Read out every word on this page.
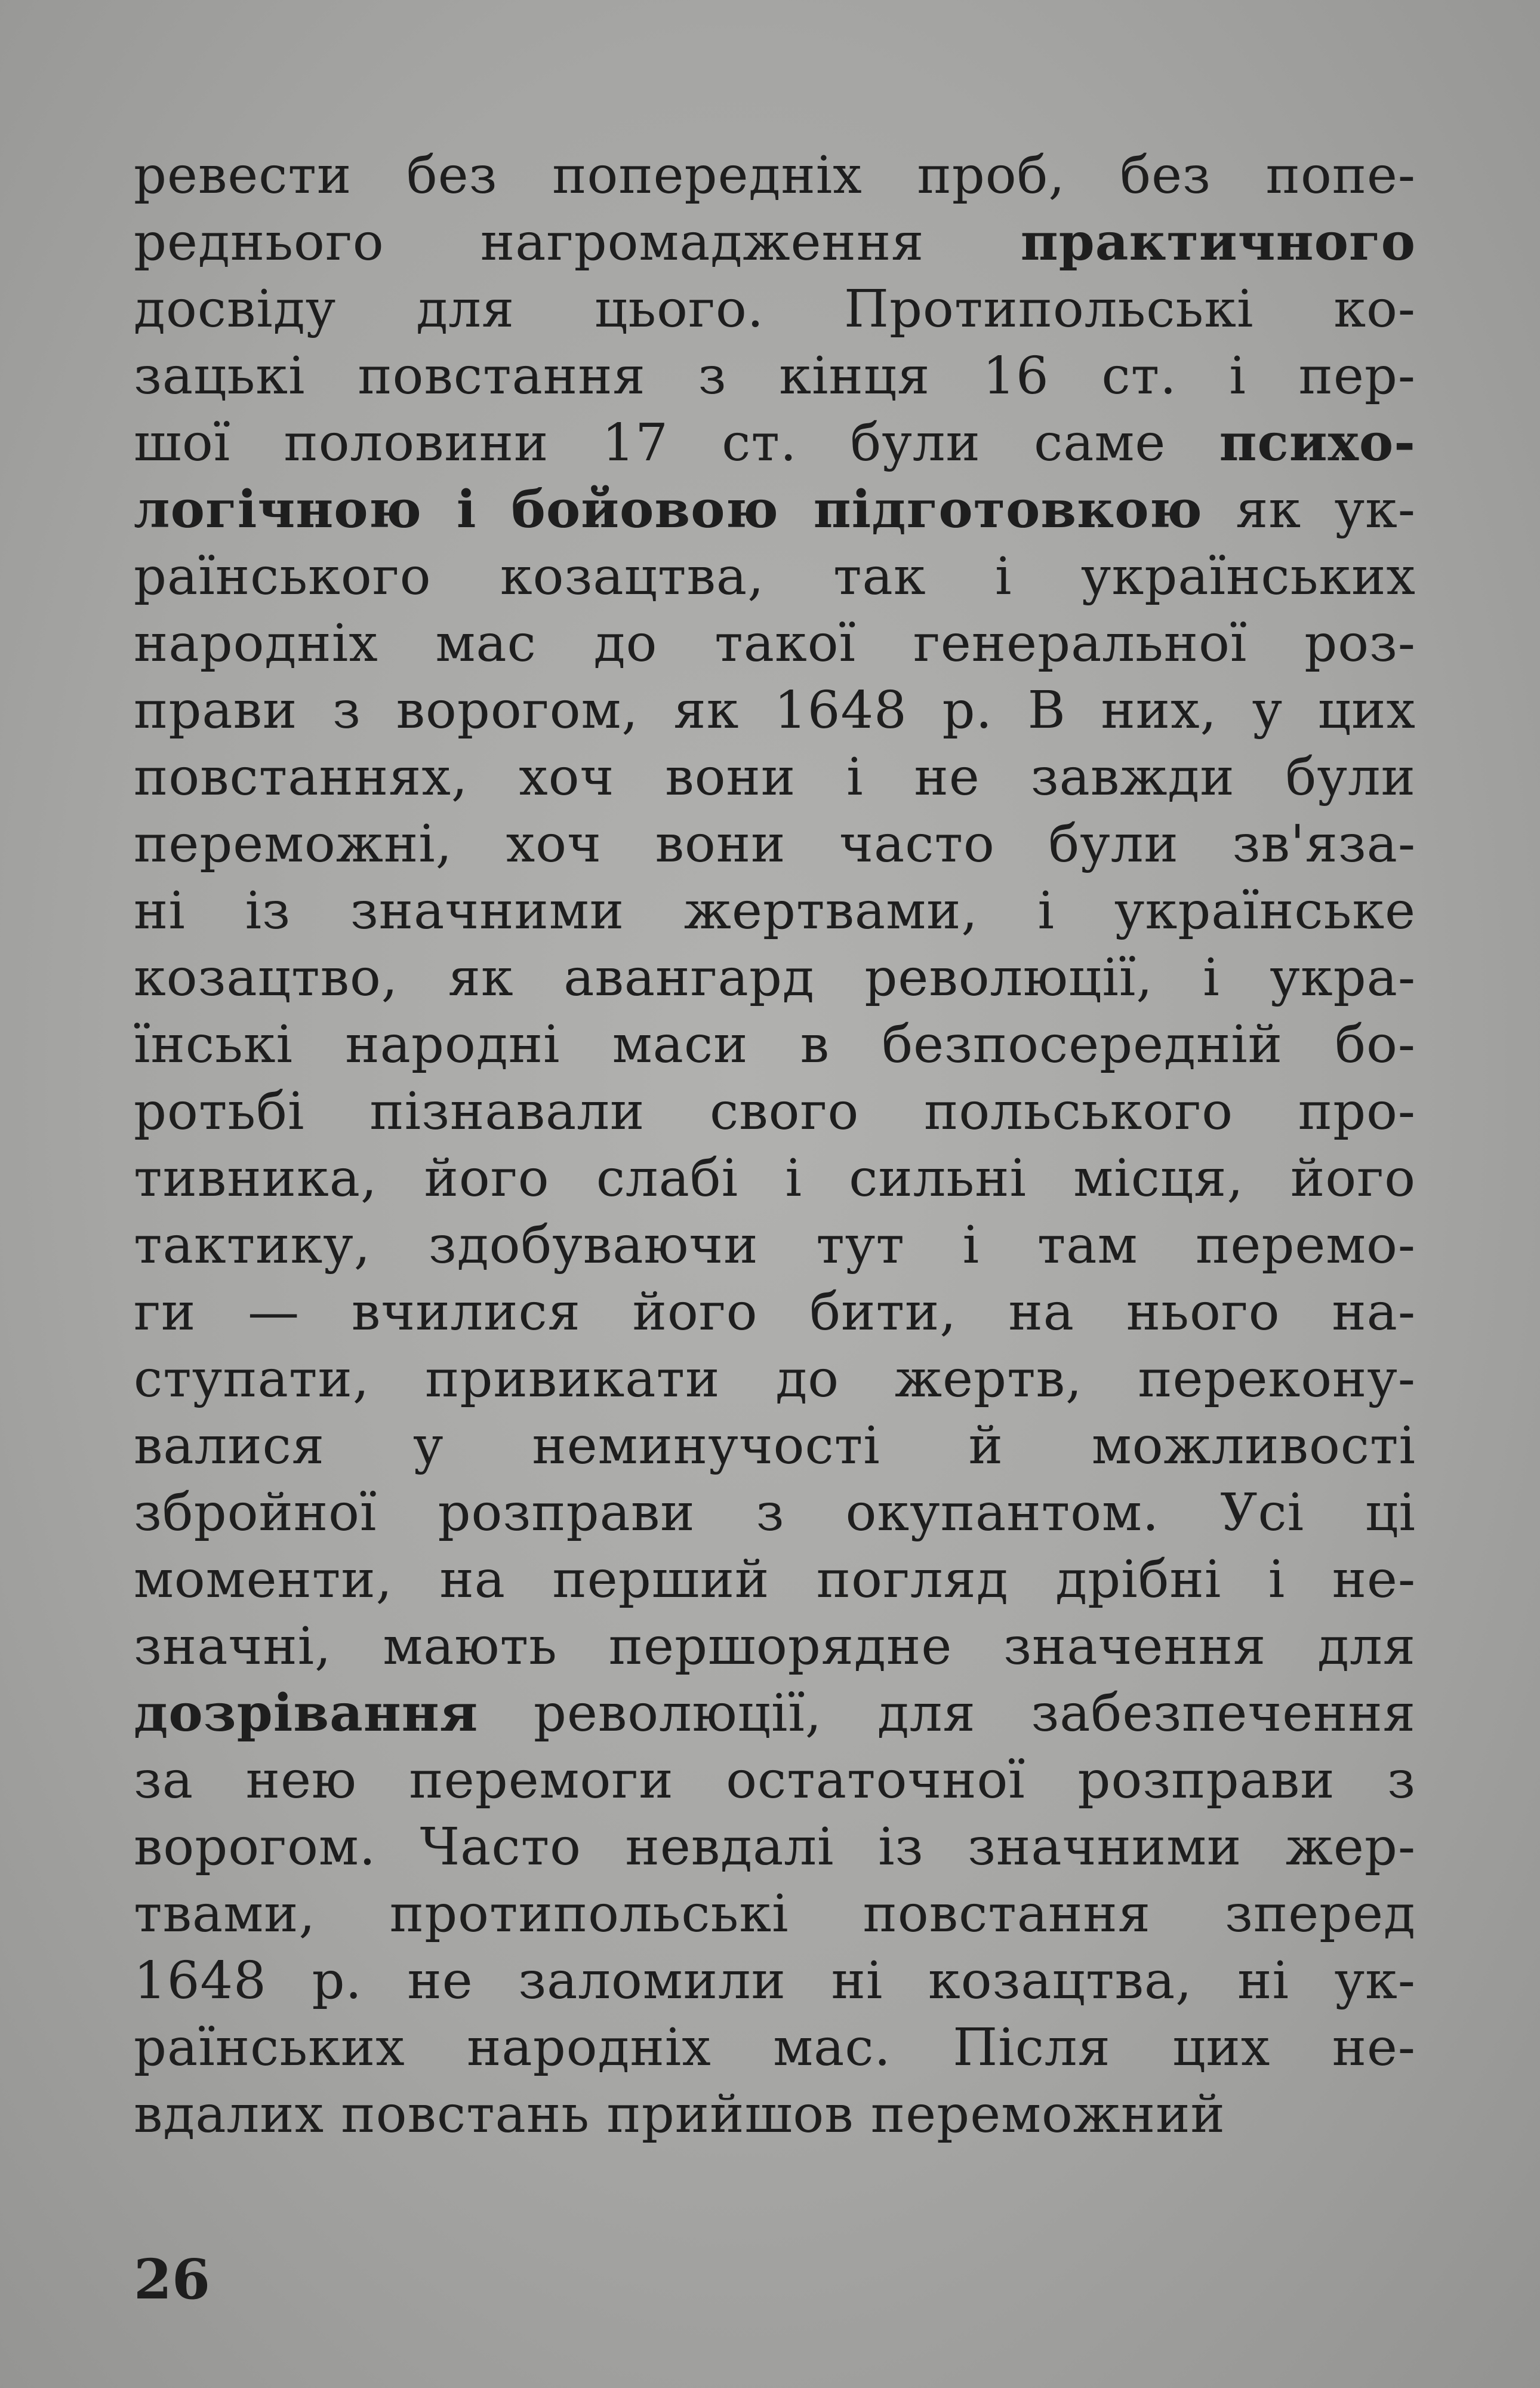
ревести без попередніх проб, без попе-
реднього нагромадження практичного
досвіду для цього. Протипольські ко-
зацькі повстання з кінця 16 ст. і пер-
шої половини 17 ст. були саме психо-
логічною і бойовою підготовкою як ук-
раїнського козацтва, так і українських
народніх мас до такої генеральної роз-
прави з ворогом, як 1648 р. В них, у цих
повстаннях, хоч вони і не завжди були
переможні, хоч вони часто були зв'яза-
ні із значними жертвами, і українське
козацтво, як авангард революції, і укра-
їнські народні маси в безпосередній бо-
ротьбі пізнавали свого польського про-
тивника, його слабі і сильні місця, його
тактику, здобуваючи тут і там перемо-
ги — вчилися його бити, на нього на-
ступати, привикати до жертв, перекону-
валися у неминучості й можливості
збройної розправи з окупантом. Усі ці
моменти, на перший погляд дрібні і не-
значні, мають першорядне значення для
дозрівання революції, для забезпечення
за нею перемоги остаточної розправи з
ворогом. Часто невдалі із значними жер-
твами, протипольські повстання зперед
1648 р. не заломили ні козацтва, ні ук-
раїнських народніх мас. Після цих не-
вдалих повстань прийшов переможний
26
